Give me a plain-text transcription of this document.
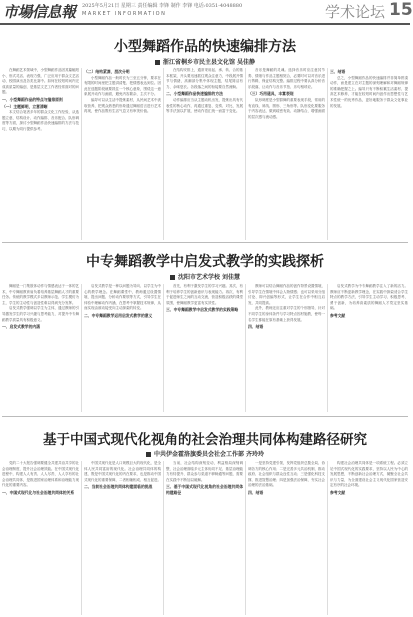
市場信息報 2025年5月21日 星期三 责任编辑 李锋 制作 李锋 电话:0351-4048880
MARKET INFORMATION	学术论坛 15
小型舞蹈作品的快速编排方法
浙江省桐乡市民主县文化馆 吴佳静

在舞蹈艺术领域中，小型舞蹈作品因其篇幅短小、形式灵活、表现力强，广泛应用于群众文艺活动、校园演出及各类比赛中。如何在较短时间内完成高质量的编创，是基层文艺工作者经常面对的问题。

一、小型舞蹈作品的特点与编排原则
（一）主题鲜明，立意清晰

本文结合笔者多年的群众文化工作经验，从选题立意、结构设计、动作编排、音乐配合、队形调度等方面，探讨小型舞蹈作品快速编排的方法与技巧，以期为同行提供参考。

（二）结构紧凑，层次分明

小型舞蹈作品一般时长为三至五分钟，要求在有限的时间里把主题讲清楚、把情感表达到位。因此在选题阶段就要抓住一个核心意象，围绕这一意象展开动作与画面，避免内容繁杂、主次不分。

编导可以从生活中提炼素材，从民间艺术中汲取营养，把观众熟悉的形象通过舞蹈语言进行艺术再现，使作品既有生活气息又有审美价值。

在结构安排上，通常采用起、承、转、合的基本框架，开头要迅速抓住观众注意力，中段展开情节与情绪，高潮部分集中体现主题，结尾简洁有力、余味悠长。各段落之间的衔接要自然流畅。

二、小型舞蹈作品快速编排的方法

动作编排应当从主题动机出发，提炼出具有代表性的核心动作，再通过重复、变奏、对比、发展等手法加以扩展，使动作语汇统一而富于变化。

音乐是舞蹈的灵魂。选择音乐时应注意其节奏、情绪与作品主题相契合，必要时可以对音乐进行剪辑，保证结构完整。编排过程中要认真分析音乐段落，让动作与音乐节拍、乐句相呼应。

（三）巧用道具，丰富表现

队形调度是小型群舞的重要表现手段，常用的有直线、斜线、圆形、三角形等。队形变化要服务于内容表达，做到疏密有致、动静结合，增强画面的层次感与流动感。

三、结语

总之，小型舞蹈作品的快速编排并非简单拼凑动作，而是建立在对主题的深刻理解和对舞蹈规律的准确把握之上。编导只有不断积累生活素材、提高艺术修养，才能在较短时间内创作出思想性与艺术性统一的优秀作品，更好地服务于群众文化事业的发展。

中专舞蹈教学中启发式教学的实践探析
沈阳市艺术学校 刘佳慧

舞蹈是一门集肢体动作与情感表达于一体的艺术，中专舞蹈教育肩负着培养基层舞蹈人才的重要任务。传统的教学模式多以教师示范、学生模仿为主，学生的主动性与创造性难以得到充分发挥。

启发式教学强调以学生为主体，通过教师的引导激发学生的学习兴趣与思考能力，对提升中专舞蹈教学质量具有积极意义。

一、启发式教学的内涵

启发式教学是一种以问题为导向、以学生为中心的教学理念。在舞蹈课堂中，教师通过设置情境、提出问题、分析动作要领等方式，引导学生在体验中理解动作内涵，在思考中掌握技术规律，从而实现由被动接受向主动探索的转变。

二、中专舞蹈教学运用启发式教学的意义

首先，有利于激发学生的学习兴趣。其次，有利于培养学生的创新意识与表现能力。再次，有利于促进师生之间的互动交流，营造积极活跃的课堂氛围，使舞蹈教学更富有实效性。

三、中专舞蹈教学中启发式教学的实践策略

教师可以结合舞蹈作品的创作背景设置情境，引导学生在情境中体会人物情感；也可以采用分组讨论、即兴创编等形式，让学生在合作中相互启发，共同提高。

此外，教师还应注重对学生的个别指导，针对不同学生的身体条件与学习特点因材施教，使每一名学生都能在原有基础上获得发展。

四、结语

启发式教学为中专舞蹈教学注入了新的活力。教师应不断更新教学理念，在实践中探索适合学生特点的教学方法，引导学生主动学习、积极思考、勇于创新，为培养高素质的舞蹈人才奠定坚实基础。

参考文献
基于中国式现代化视角的社会治理共同体构建路径研究
中共伊金霍洛旗委员会社会工作部 齐玲玲

党的二十大报告强调要健全共建共治共享的社会治理制度，提升社会治理效能。在中国式现代化进程中，构建人人有责、人人尽责、人人享有的社会治理共同体，是推进国家治理体系和治理能力现代化的重要内容。

一、中国式现代化与社会治理共同体的关系

中国式现代化是人口规模巨大的现代化，是全体人民共同富裕的现代化。社会治理共同体的构建，既是中国式现代化的内在要求，也是推动中国式现代化的重要保障，二者相辅相成、相互促进。

二、当前社会治理共同体构建面临的挑战

当前，社会结构深刻变动，利益格局深刻调整，社会治理面临多元主体协同不足、基层治理能力有待提升、群众参与渠道不够畅通等问题，需要在实践中不断加以破解。

三、基于中国式现代化视角的社会治理共同体构建路径

一是坚持党建引领，发挥党组织总揽全局、协调各方的核心作用；二是完善多元共治机制，推动政府、社会组织与群众良性互动；三是强化科技支撑，推进智慧治理；四是加强法治保障，夯实社会治理的法治基础。

四、结语

构建社会治理共同体是一项系统工程。必须立足中国式现代化的实践要求，坚持以人民为中心的发展思想，不断创新社会治理方式，凝聚全社会共识与力量，为全面建设社会主义现代化国家营造安定有序的社会环境。

参考文献
